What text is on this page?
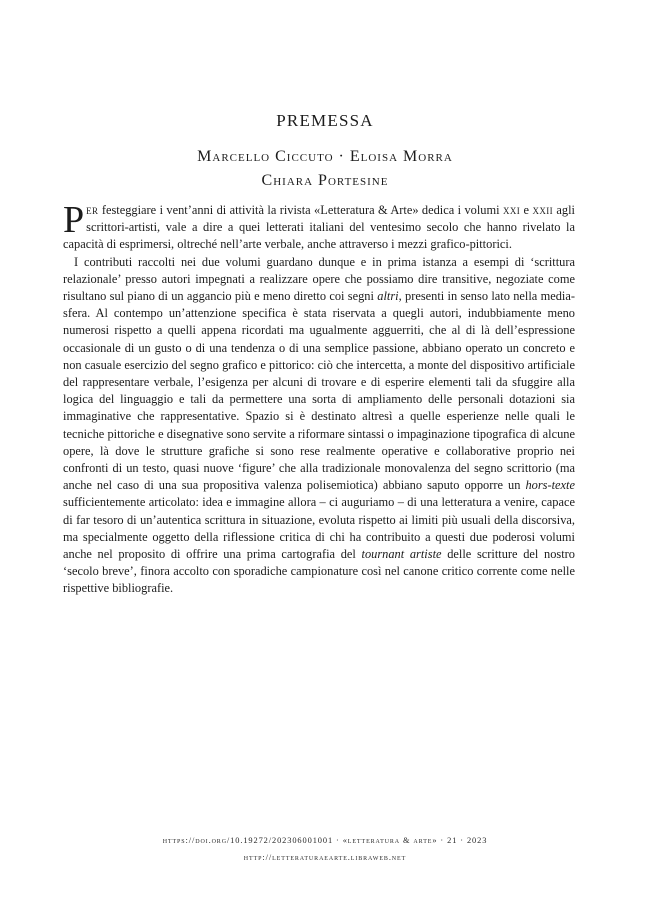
PREMESSA
Marcello Ciccuto · Eloisa Morra
Chiara Portesine

Per festeggiare i vent’anni di attività la rivista «Letteratura & Arte» dedica i volumi xxi e xxii agli scrittori-artisti, vale a dire a quei letterati italiani del ventesimo secolo che hanno rivelato la capacità di esprimersi, oltreché nell’arte verbale, anche attraverso i mezzi grafico-pittorici.

I contributi raccolti nei due volumi guardano dunque e in prima istanza a esempi di ‘scrittura relazionale’ presso autori impegnati a realizzare opere che possiamo dire transitive, negoziate come risultano sul piano di un aggancio più e meno diretto coi segni altri, presenti in senso lato nella media-sfera. Al contempo un’attenzione specifica è stata riservata a quegli autori, indubbiamente meno numerosi rispetto a quelli appena ricordati ma ugualmente agguerriti, che al di là dell’espressione occasionale di un gusto o di una tendenza o di una semplice passione, abbiano operato un concreto e non casuale esercizio del segno grafico e pittorico: ciò che intercetta, a monte del dispositivo artificiale del rappresentare verbale, l’esigenza per alcuni di trovare e di esperire elementi tali da sfuggire alla logica del linguaggio e tali da permettere una sorta di ampliamento delle personali dotazioni sia immaginative che rappresentative. Spazio si è destinato altresì a quelle esperienze nelle quali le tecniche pittoriche e disegnative sono servite a riformare sintassi o impaginazione tipografica di alcune opere, là dove le strutture grafiche si sono rese realmente operative e collaborative proprio nei confronti di un testo, quasi nuove ‘figure’ che alla tradizionale monovalenza del segno scrittorio (ma anche nel caso di una sua propositiva valenza polisemiotica) abbiano saputo opporre un hors-texte sufficientemente articolato: idea e immagine allora – ci auguriamo – di una letteratura a venire, capace di far tesoro di un’autentica scrittura in situazione, evoluta rispetto ai limiti più usuali della discorsiva, ma specialmente oggetto della riflessione critica di chi ha contribuito a questi due poderosi volumi anche nel proposito di offrire una prima cartografia del tournant artiste delle scritture del nostro ‘secolo breve’, finora accolto con sporadiche campionature così nel canone critico corrente come nelle rispettive bibliografie.

https://doi.org/10.19272/202306001001 · «letteratura & arte» · 21 · 2023
http://letteraturaearte.libraweb.net
